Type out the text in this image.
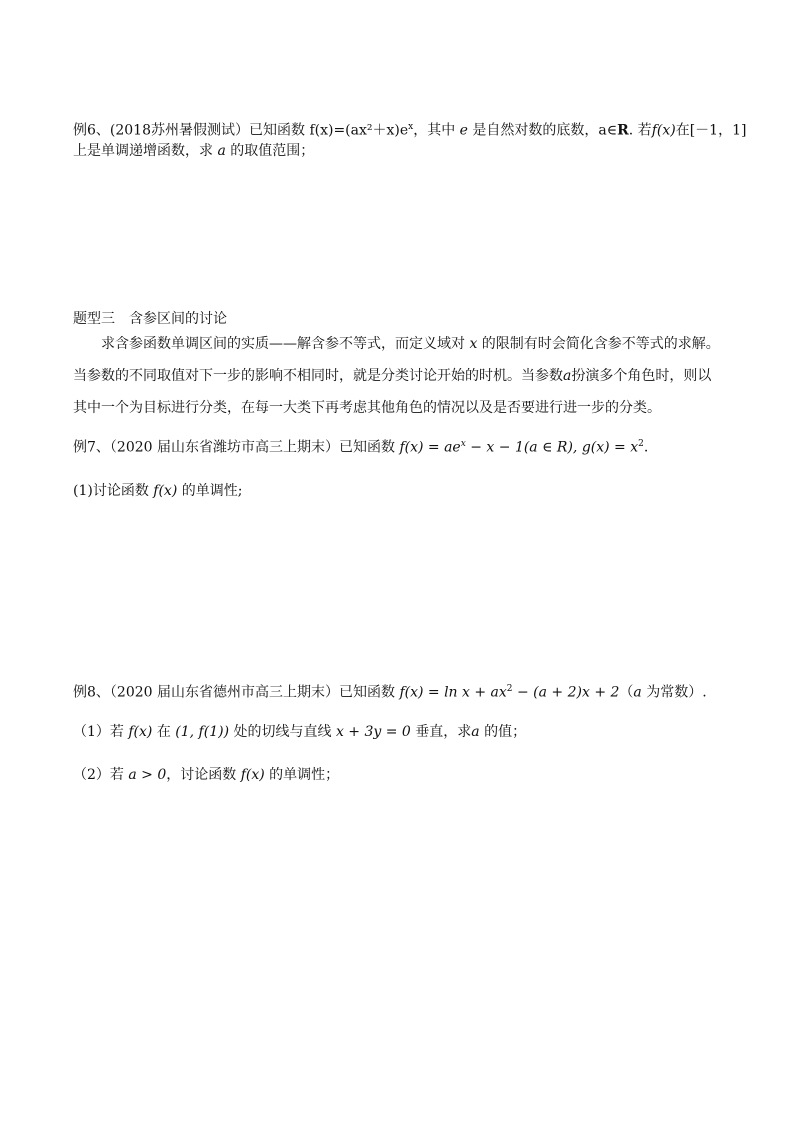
例6、(2018苏州暑假测试）已知函数 $f(x)=(ax^2+x)e^x$，其中 e 是自然对数的底数，a∈R. 若f(x)在[－1，1]
上是单调递增函数，求 a 的取值范围；
题型三　含参区间的讨论
求含参函数单调区间的实质——解含参不等式，而定义域对 x 的限制有时会简化含参不等式的求解。
当参数的不同取值对下一步的影响不相同时，就是分类讨论开始的时机。当参数a扮演多个角色时，则以
其中一个为目标进行分类，在每一大类下再考虑其他角色的情况以及是否要进行进一步的分类。
例7、（2020 届山东省潍坊市高三上期末）已知函数 $f(x) = ae^x - x - 1(a$ ∈ R), $g(x) = x^2$.
(1)讨论函数 f(x) 的单调性;
例8、（2020 届山东省德州市高三上期末）已知函数 $f(x) = \ln x + ax^2 - (a + 2)x + 2(a$ 为常数）.
（1）若 f(x) 在 (1, f(1)) 处的切线与直线 x + 3y = 0 垂直，求a 的值；
（2）若 a > 0，讨论函数 f(x) 的单调性；
